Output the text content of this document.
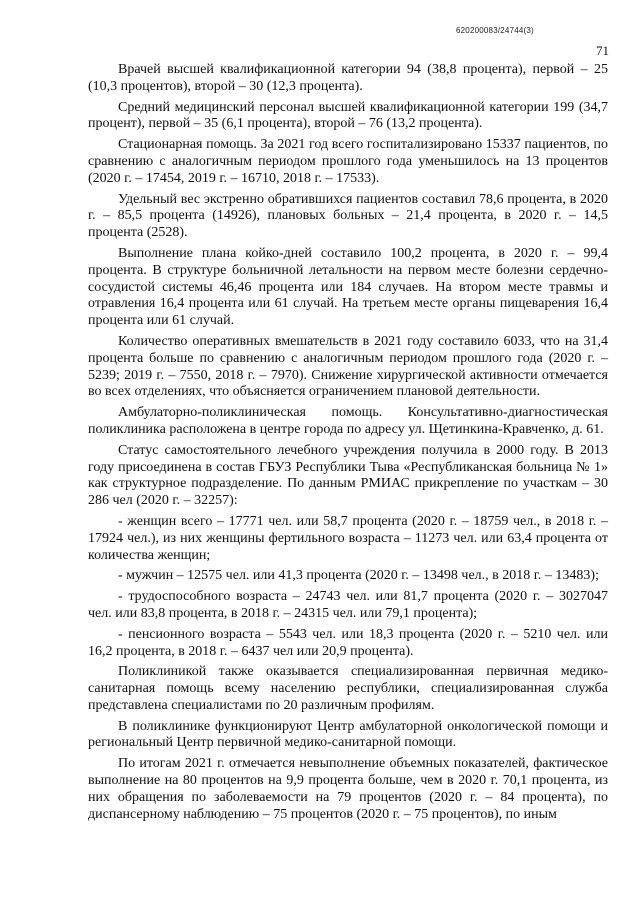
620200083/24744(3)
71

Врачей высшей квалификационной категории 94 (38,8 процента), первой – 25 (10,3 процентов), второй – 30 (12,3 процента).

Средний медицинский персонал высшей квалификационной категории 199 (34,7 процент), первой – 35 (6,1 процента), второй – 76 (13,2 процента).

Стационарная помощь. За 2021 год всего госпитализировано 15337 пациентов, по сравнению с аналогичным периодом прошлого года уменьшилось на 13 процентов (2020 г. – 17454, 2019 г. – 16710, 2018 г. – 17533).

Удельный вес экстренно обратившихся пациентов составил 78,6 процента, в 2020 г. – 85,5 процента (14926), плановых больных – 21,4 процента, в 2020 г. – 14,5 процента (2528).

Выполнение плана койко-дней составило 100,2 процента, в 2020 г. – 99,4 процента. В структуре больничной летальности на первом месте болезни сердечно-сосудистой системы 46,46 процента или 184 случаев. На втором месте травмы и отравления 16,4 процента или 61 случай. На третьем месте органы пищеварения 16,4 процента или 61 случай.

Количество оперативных вмешательств в 2021 году составило 6033, что на 31,4 процента больше по сравнению с аналогичным периодом прошлого года (2020 г. – 5239; 2019 г. – 7550, 2018 г. – 7970). Снижение хирургической активности отмечается во всех отделениях, что объясняется ограничением плановой деятельности.

Амбулаторно-поликлиническая помощь. Консультативно-диагностическая поликлиника расположена в центре города по адресу ул. Щетинкина-Кравченко, д. 61.

Статус самостоятельного лечебного учреждения получила в 2000 году. В 2013 году присоединена в состав ГБУЗ Республики Тыва «Республиканская больница № 1» как структурное подразделение. По данным РМИАС прикрепление по участкам – 30 286 чел (2020 г. – 32257):

- женщин всего – 17771 чел. или 58,7 процента (2020 г. – 18759 чел., в 2018 г. – 17924 чел.), из них женщины фертильного возраста – 11273 чел. или 63,4 процента от количества женщин;

- мужчин – 12575 чел. или 41,3 процента (2020 г. – 13498 чел., в 2018 г. – 13483);

- трудоспособного возраста – 24743 чел. или 81,7 процента (2020 г. – 3027047 чел. или 83,8 процента, в 2018 г. – 24315 чел. или 79,1 процента);

- пенсионного возраста – 5543 чел. или 18,3 процента (2020 г. – 5210 чел. или 16,2 процента, в 2018 г. – 6437 чел или 20,9 процента).

Поликлиникой также оказывается специализированная первичная медико-санитарная помощь всему населению республики, специализированная служба представлена специалистами по 20 различным профилям.

В поликлинике функционируют Центр амбулаторной онкологической помощи и региональный Центр первичной медико-санитарной помощи.

По итогам 2021 г. отмечается невыполнение объемных показателей, фактическое выполнение на 80 процентов на 9,9 процента больше, чем в 2020 г. 70,1 процента, из них обращения по заболеваемости на 79 процентов (2020 г. – 84 процента), по диспансерному наблюдению – 75 процентов (2020 г. – 75 процентов), по иным
